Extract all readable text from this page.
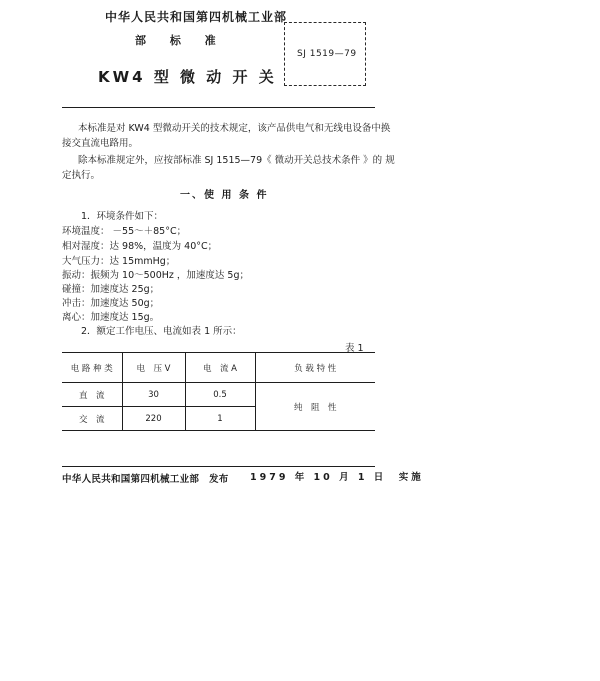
中华人民共和国第四机械工业部
部 标 准
SJ 1519—79
KW4 型 微 动 开 关
本标准是对 KW4 型微动开关的技术规定，该产品供电气和无线电设备中换
接交直流电路用。
除本标准规定外，应按部标准 SJ 1515—79《 微动开关总技术条件 》的 规
定执行。
一、使 用 条 件
1．环境条件如下：
环境温度： －55～＋85°C；
相对湿度：达 98%，温度为 40°C；
大气压力：达 15mmHg；
振动：振频为 10～500Hz ，加速度达 5g；
碰撞：加速度达 25g；
冲击：加速度达 50g；
离心：加速度达 15g。
2．额定工作电压、电流如表 1 所示：
表 1
电 路 种 类	电　压 V	电　流 A	负 载 特 性
直　流	30	0.5	纯　阻　性
交　流	220	1	
中华人民共和国第四机械工业部　发布 1979 年 10 月 1 日　实施
